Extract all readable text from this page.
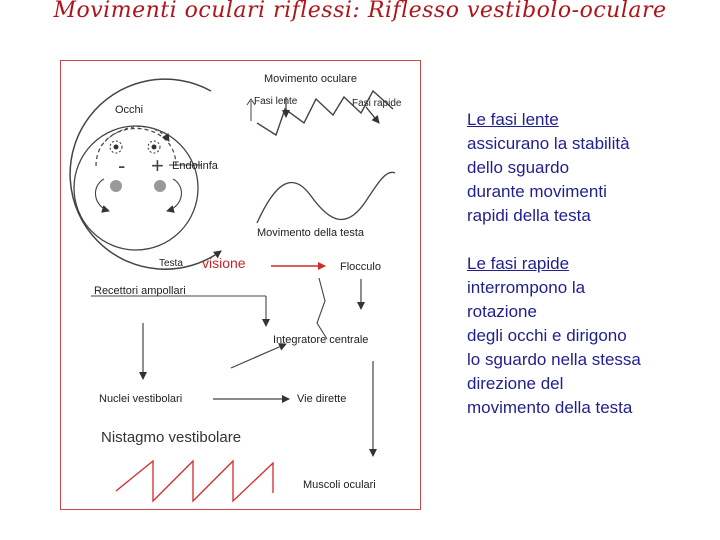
Movimenti oculari riflessi: Riflesso vestibolo-oculare
Movimento oculare
Fasi lente	Fasi rapide
Occhi
Endolinfa
- +
Movimento della testa
Testa visione	Flocculo
Recettori ampollari
Integratore centrale
Nuclei vestibolari	Vie dirette
Nistagmo vestibolare
Muscoli oculari
Le fasi lente
assicurano la stabilità
dello sguardo
durante movimenti
rapidi della testa
Le fasi rapide
interrompono la
rotazione
degli occhi e dirigono
lo sguardo nella stessa
direzione del
movimento della testa
